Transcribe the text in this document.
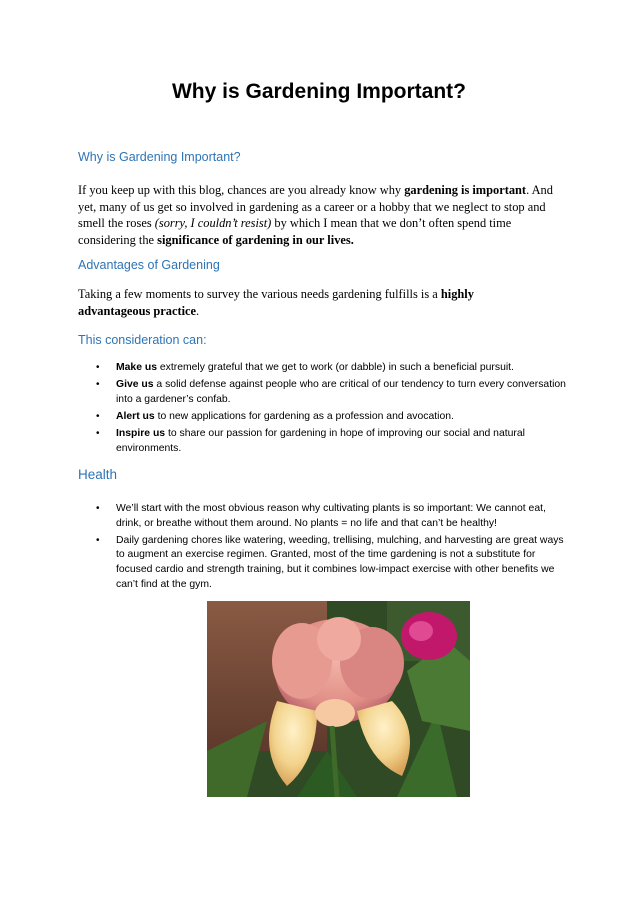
Why is Gardening Important?
Why is Gardening Important?

If you keep up with this blog, chances are you already know why gardening is important. And yet, many of us get so involved in gardening as a career or a hobby that we neglect to stop and smell the roses (sorry, I couldn’t resist) by which I mean that we don’t often spend time considering the significance of gardening in our lives.

Advantages of Gardening

Taking a few moments to survey the various needs gardening fulfills is a highly advantageous practice.

This consideration can:
• Make us extremely grateful that we get to work (or dabble) in such a beneficial pursuit.
• Give us a solid defense against people who are critical of our tendency to turn every conversation into a gardener’s confab.
• Alert us to new applications for gardening as a profession and avocation.
• Inspire us to share our passion for gardening in hope of improving our social and natural environments.
Health
• We’ll start with the most obvious reason why cultivating plants is so important: We cannot eat, drink, or breathe without them around. No plants = no life and that can’t be healthy!
• Daily gardening chores like watering, weeding, trellising, mulching, and harvesting are great ways to augment an exercise regimen. Granted, most of the time gardening is not a substitute for focused cardio and strength training, but it combines low-impact exercise with other benefits we can’t find at the gym.
